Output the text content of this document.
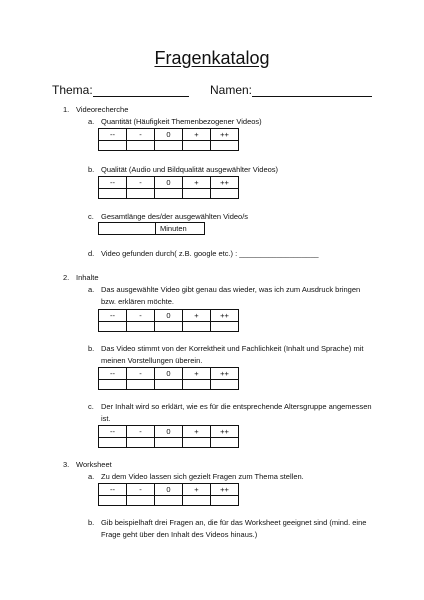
Fragenkatalog
Thema:	Namen:
1. Videorecherche
a. Quantität (Häufigkeit Themenbezogener Videos)
--	-	0	+	++

b. Qualität (Audio und Bildqualität ausgewählter Videos)
--	-	0	+	++

c. Gesamtlänge des/der ausgewählten Video/s
	Minuten
d. Video gefunden durch( z.B. google etc.) : ___________________
2. Inhalte
a. Das ausgewählte Video gibt genau das wieder, was ich zum Ausdruck bringen bzw. erklären möchte.
--	-	0	+	++

b. Das Video stimmt von der Korrektheit und Fachlichkeit (Inhalt und Sprache) mit meinen Vorstellungen überein.
--	-	0	+	++

c. Der Inhalt wird so erklärt, wie es für die entsprechende Altersgruppe angemessen ist.
--	-	0	+	++

3. Worksheet
a. Zu dem Video lassen sich gezielt Fragen zum Thema stellen.
--	-	0	+	++

b. Gib beispielhaft drei Fragen an, die für das Worksheet geeignet sind (mind. eine Frage geht über den Inhalt des Videos hinaus.)
